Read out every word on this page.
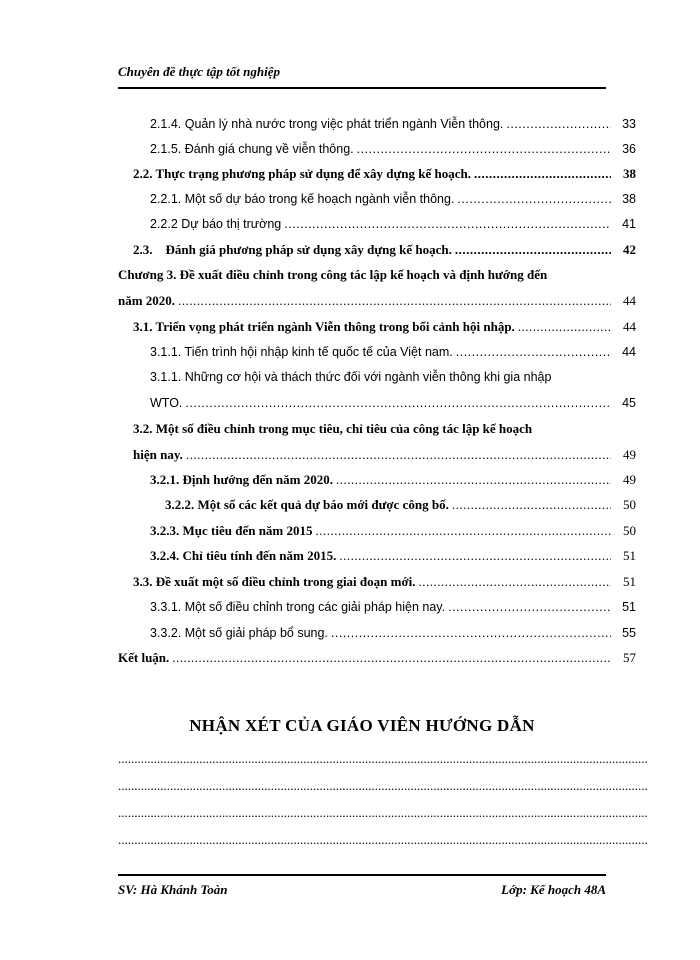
Chuyên đề thực tập tốt nghiệp
2.1.4. Quản lý nhà nước trong việc phát triển ngành Viễn thông. .....	33
2.1.5. Đánh giá chung về viễn thông. .....	36
2.2. Thực trạng phương pháp sử dụng để xây dựng kế hoạch. .....	38
2.2.1. Một số dự báo trong kế hoạch ngành viễn thông. .....	38
2.2.2 Dự báo thị trường .....	41
2.3.    Đánh giá phương pháp sử dụng xây dựng kế hoạch. .....	42
Chương 3. Đề xuất điều chỉnh trong công tác lập kế hoạch và định hướng đến
năm 2020. .....	44
3.1. Triển vọng phát triển ngành Viễn thông trong bối cảnh hội nhập. .....	44
3.1.1. Tiến trình hội nhập kinh tế quốc tế của Việt nam. .....	44
3.1.1. Những cơ hội và thách thức đối với ngành viễn thông khi gia nhập
WTO. .....	45
3.2. Một số điều chỉnh trong mục tiêu, chỉ tiêu của công tác lập kế hoạch
hiện nay. .....	49
3.2.1. Định hướng đến năm 2020. .....	49
3.2.2. Một số các kết quả dự báo mới được công bố. .....	50
3.2.3. Mục tiêu đến năm 2015 .....	50
3.2.4. Chỉ tiêu tính đến năm 2015. .....	51
3.3. Đề xuất một số điều chỉnh trong giai đoạn mới. .....	51
3.3.1. Một số điều chỉnh trong các giải pháp hiện nay. .....	51
3.3.2. Một số giải pháp bổ sung. .....	55
Kết luận. .....	57
NHẬN XÉT CỦA GIÁO VIÊN HƯỚNG DẪN
.....
.....
.....
.....
SV: Hà Khánh Toàn	Lớp: Kế hoạch 48A
